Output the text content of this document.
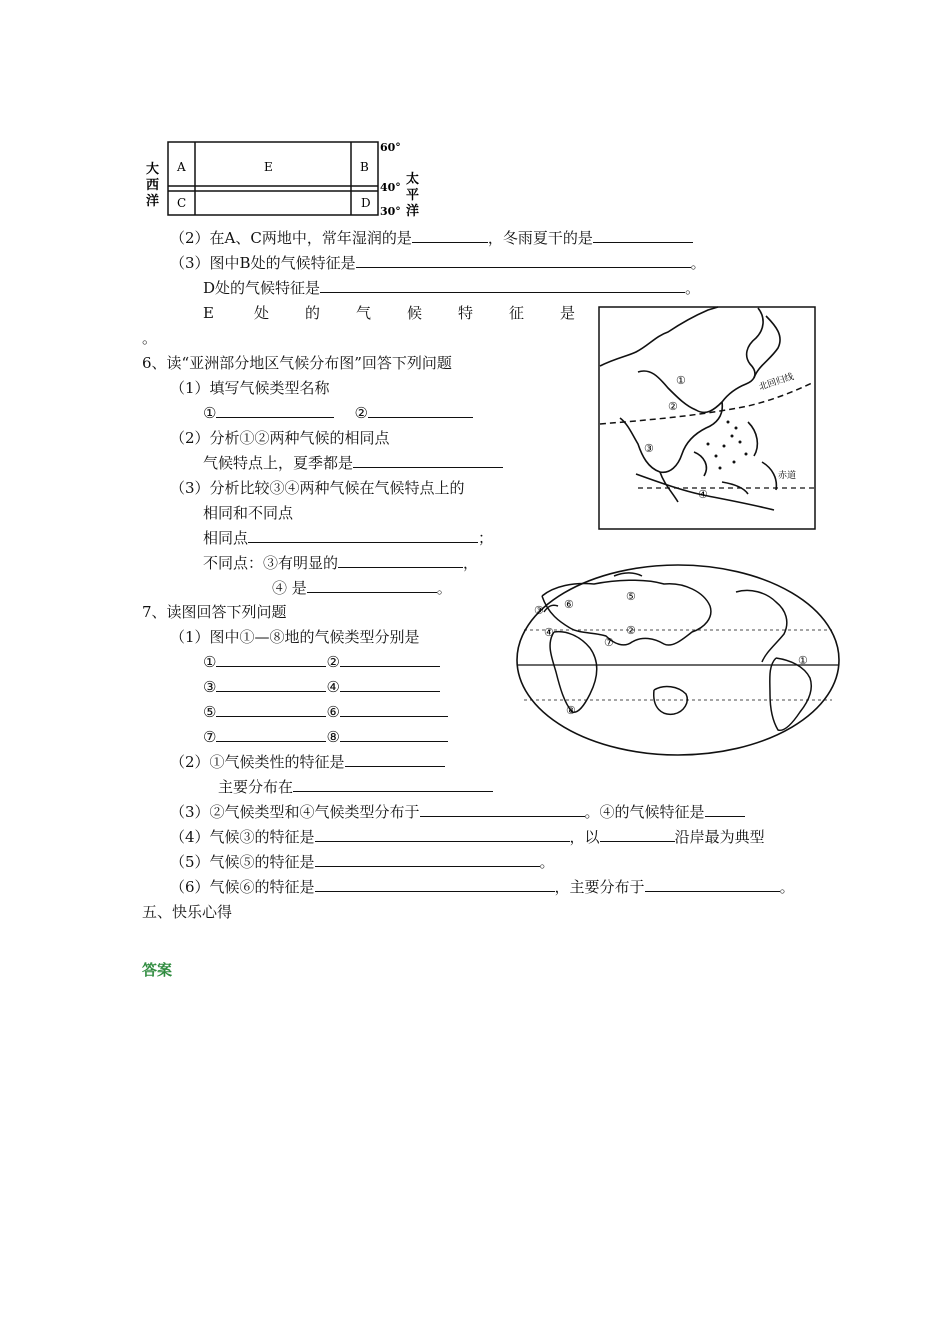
A	E	B
C	D
60°
40°
30°
大
西
洋
太
平
洋
（2）在A、C两地中，常年湿润的是	，冬雨夏干的是
（3）图中B处的气候特征是	。
D处的气候特征是	。
E	处 的 气 候 特 征 是
。
6、读“亚洲部分地区气候分布图”回答下列问题
（1）填写气候类型名称
①	②
（2）分析①②两种气候的相同点
气候特点上，夏季都是
（3）分析比较③④两种气候在气候特点上的
相同和不同点
相同点	；
不同点：③有明显的	，
④ 是	。
北回归线
赤道
①
②
③
④
①
②
③
④
⑤
⑥
⑦
⑧
7、读图回答下列问题
（1）图中①—⑧地的气候类型分别是
①	②
③	④
⑤	⑥
⑦	⑧
（2）①气候类性的特征是
主要分布在
（3）②气候类型和④气候类型分布于	。④的气候特征是
（4）气候③的特征是	，以	沿岸最为典型
（5）气候⑤的特征是	。
（6）气候⑥的特征是	，主要分布于	。
五、快乐心得
答案
